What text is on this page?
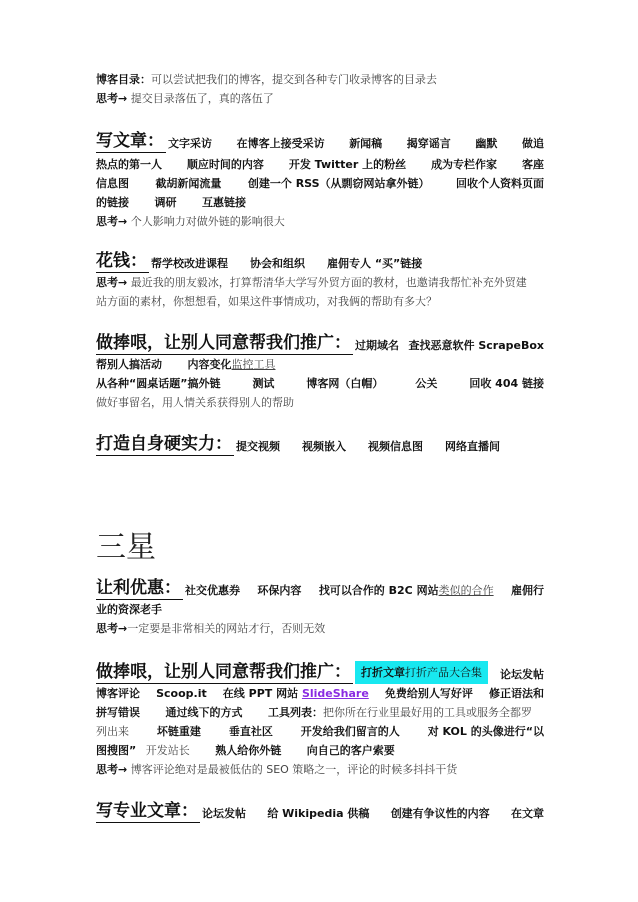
博客目录：可以尝试把我们的博客，提交到各种专门收录博客的目录去
思考→ 提交目录落伍了，真的落伍了
写文章： 文字采访 在博客上接受采访 新闻稿 揭穿谣言 幽默 做追
热点的第一人 顺应时间的内容 开发 Twitter 上的粉丝 成为专栏作家 客座
信息图 截胡新闻流量 创建一个 RSS（从剽窃网站拿外链） 回收个人资料页面
的链接 调研 互惠链接
思考→ 个人影响力对做外链的影响很大
花钱： 帮学校改进课程 协会和组织 雇佣专人 “买”链接
思考→ 最近我的朋友毅冰，打算帮清华大学写外贸方面的教材，也邀请我帮忙补充外贸建
站方面的素材，你想想看，如果这件事情成功，对我俩的帮助有多大？
做捧哏，让别人同意帮我们推广： 过期域名 查找恶意软件 ScrapeBox
帮别人搞活动 内容变化监控工具
从各种“圆桌话题”搞外链	测试	博客网（白帽）	公关	回收 404 链接
做好事留名，用人情关系获得别人的帮助
打造自身硬实力： 提交视频 视频嵌入 视频信息图 网络直播间
三星
让利优惠： 社交优惠券 环保内容 找可以合作的 B2C 网站类似的合作 雇佣行
业的资深老手
思考→一定要是非常相关的网站才行，否则无效
做捧哏，让别人同意帮我们推广： 打折文章打折产品大合集	论坛发帖
博客评论 Scoop.it 在线 PPT 网站 SlideShare 免费给别人写好评 修正语法和
拼写错误 通过线下的方式 工具列表：把你所在行业里最好用的工具或服务全都罗
列出来	坏链重建	垂直社区	开发给我们留言的人	对 KOL 的头像进行“以
图搜图” 开发站长 熟人给你外链 向自己的客户索要
思考→ 博客评论绝对是最被低估的 SEO 策略之一，评论的时候多抖抖干货
写专业文章： 论坛发帖 给 Wikipedia 供稿 创建有争议性的内容 在文章
